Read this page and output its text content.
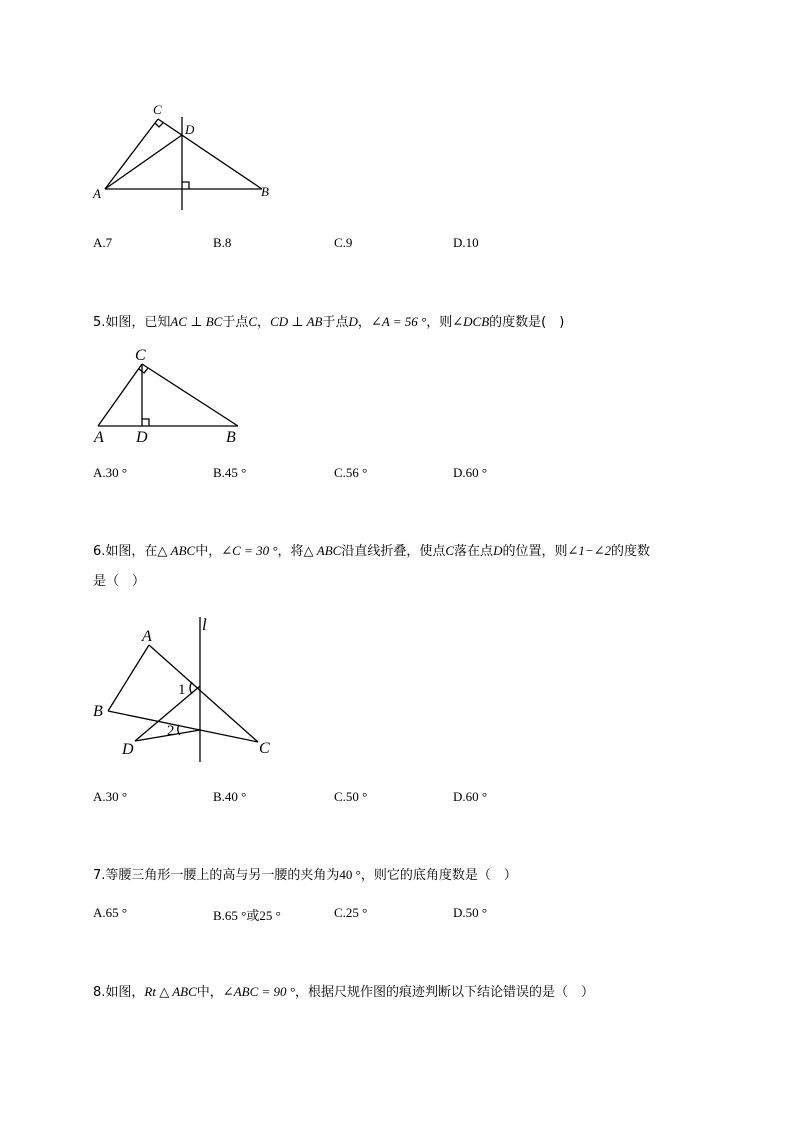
C
D
A	B
A.7	B.8	C.9	D.10
5.如图，已知AC ⊥ BC于点C，CD ⊥ AB于点D，∠A = 56 °，则∠DCB的度数是(　)
C
A D	B
A.30 °	B.45 °	C.56 °	D.60 °
6.如图，在△ ABC中，∠C = 30 °，将△ ABC沿直线折叠，使点C落在点D的位置，则∠1−∠2的度数
是（　）
l
A
B
D	C
1
2
A.30 °	B.40 °	C.50 °	D.60 °
7.等腰三角形一腰上的高与另一腰的夹角为40 °，则它的底角度数是（　）
A.65 °	B.65 °或25 °	C.25 °	D.50 °
8.如图，Rt △ ABC中，∠ABC = 90 °，根据尺规作图的痕迹判断以下结论错误的是（　）
